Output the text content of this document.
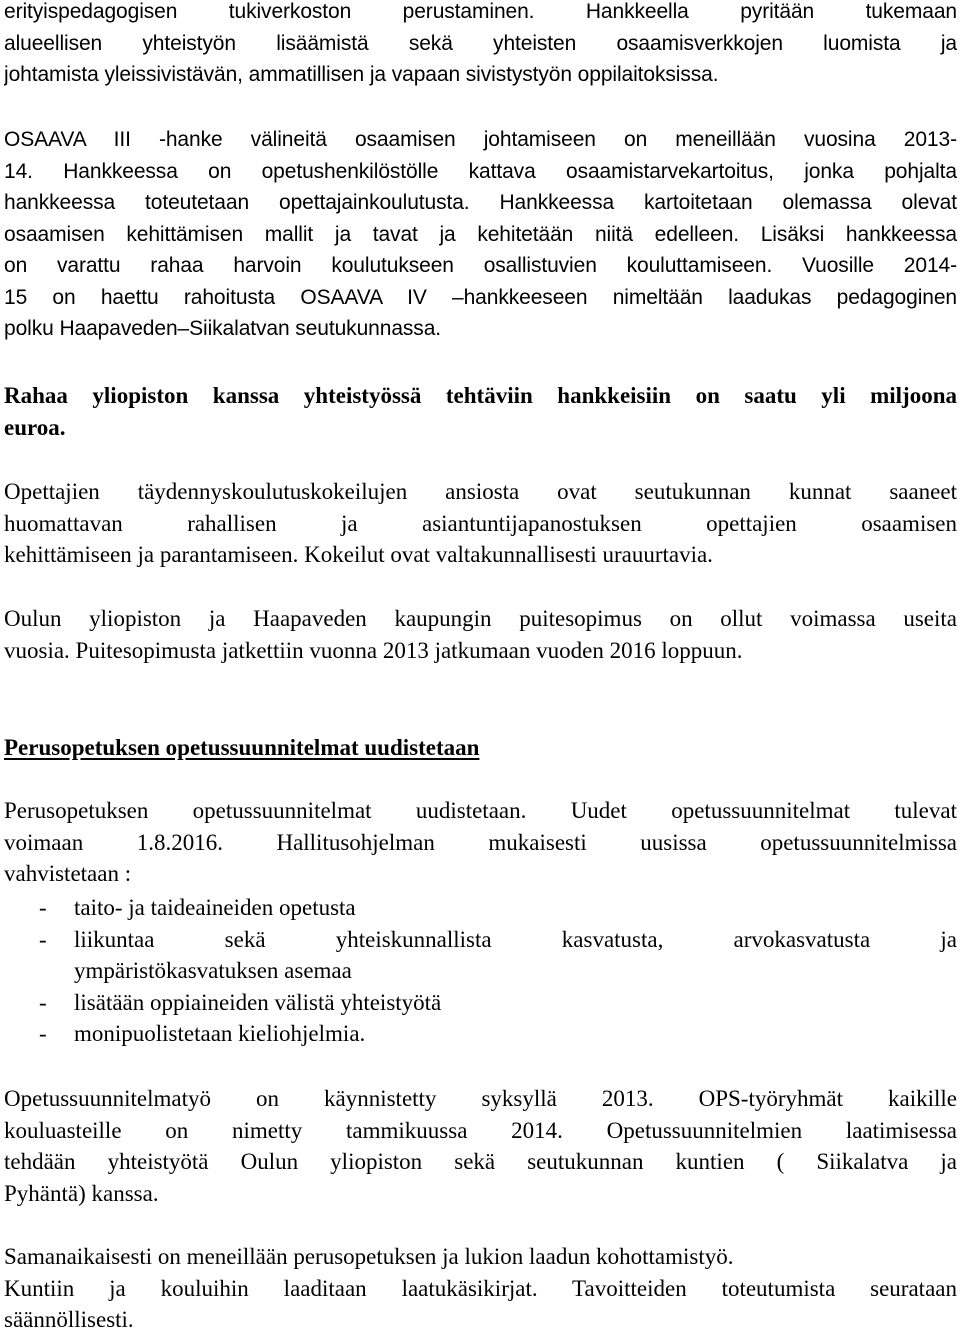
erityispedagogisen tukiverkoston perustaminen. Hankkeella pyritään tukemaan
alueellisen yhteistyön lisäämistä sekä yhteisten osaamisverkkojen luomista ja
johtamista yleissivistävän, ammatillisen ja vapaan sivistystyön oppilaitoksissa.
OSAAVA III -hanke välineitä osaamisen johtamiseen on meneillään vuosina 2013-
14. Hankkeessa on opetushenkilöstölle kattava osaamistarvekartoitus, jonka pohjalta
hankkeessa toteutetaan opettajainkoulutusta. Hankkeessa kartoitetaan olemassa olevat
osaamisen kehittämisen mallit ja tavat ja kehitetään niitä edelleen. Lisäksi hankkeessa
on varattu rahaa harvoin koulutukseen osallistuvien kouluttamiseen. Vuosille 2014-
15 on haettu rahoitusta OSAAVA IV –hankkeeseen nimeltään laadukas pedagoginen
polku Haapaveden–Siikalatvan seutukunnassa.
Rahaa yliopiston kanssa yhteistyössä tehtäviin hankkeisiin on saatu yli miljoona
euroa.
Opettajien täydennyskoulutuskokeilujen ansiosta ovat seutukunnan kunnat saaneet
huomattavan rahallisen ja asiantuntijapanostuksen opettajien osaamisen
kehittämiseen ja parantamiseen. Kokeilut ovat valtakunnallisesti urauurtavia.
Oulun yliopiston ja Haapaveden kaupungin puitesopimus on ollut voimassa useita
vuosia. Puitesopimusta jatkettiin vuonna 2013 jatkumaan vuoden 2016 loppuun.
Perusopetuksen opetussuunnitelmat uudistetaan
Perusopetuksen opetussuunnitelmat uudistetaan. Uudet opetussuunnitelmat tulevat
voimaan 1.8.2016. Hallitusohjelman mukaisesti uusissa opetussuunnitelmissa
vahvistetaan :
- taito- ja taideaineiden opetusta
- liikuntaa sekä yhteiskunnallista kasvatusta, arvokasvatusta ja
ympäristökasvatuksen asemaa
- lisätään oppiaineiden välistä yhteistyötä
- monipuolistetaan kieliohjelmia.
Opetussuunnitelmatyö on käynnistetty syksyllä 2013. OPS-työryhmät kaikille
kouluasteille on nimetty tammikuussa 2014. Opetussuunnitelmien laatimisessa
tehdään yhteistyötä Oulun yliopiston sekä seutukunnan kuntien ( Siikalatva ja
Pyhäntä) kanssa.
Samanaikaisesti on meneillään perusopetuksen ja lukion laadun kohottamistyö.
Kuntiin ja kouluihin laaditaan laatukäsikirjat. Tavoitteiden toteutumista seurataan
säännöllisesti.
